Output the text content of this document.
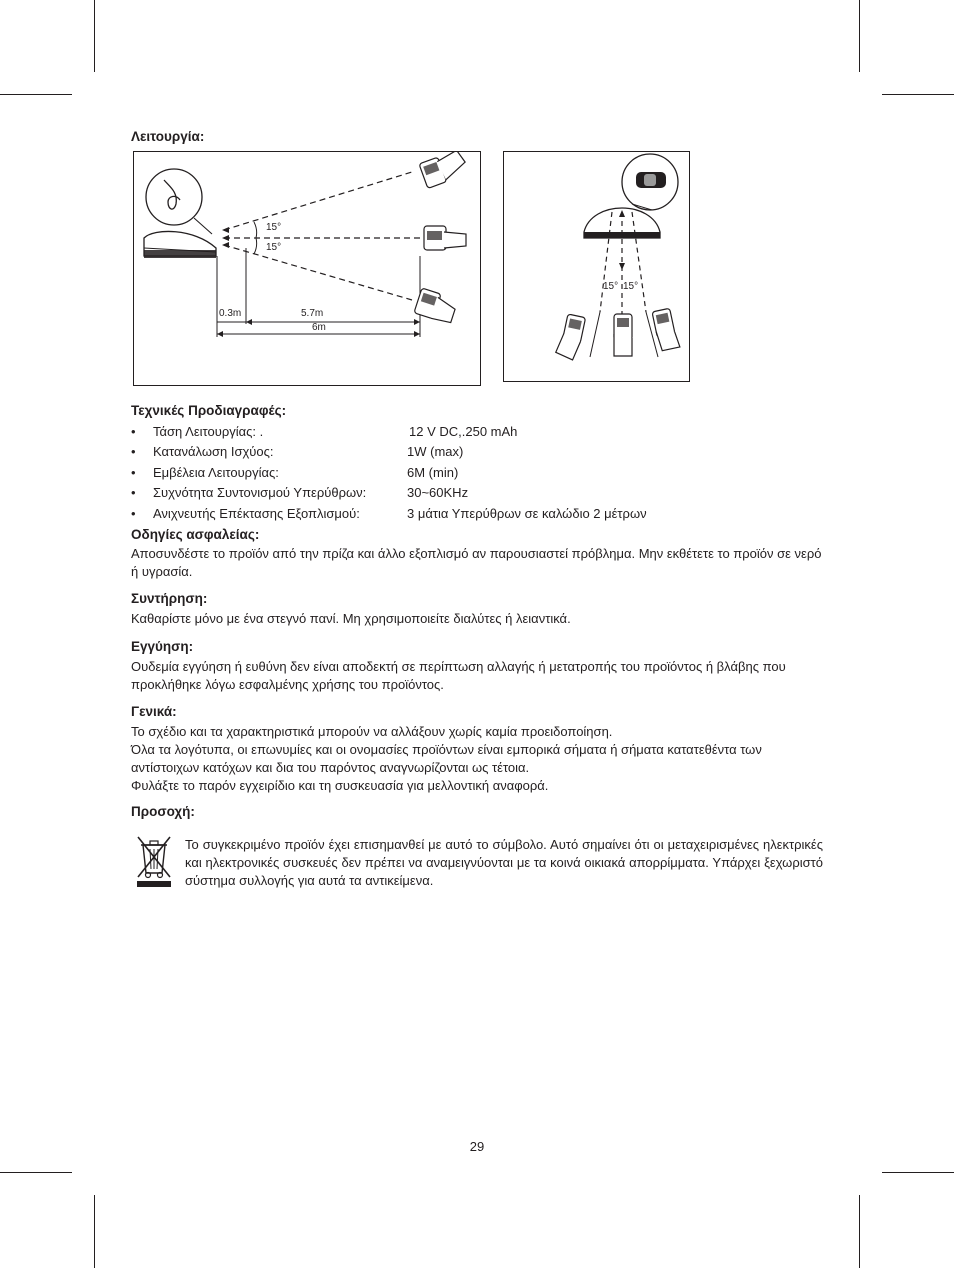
Λειτουργία:
15°
15°
0.3m	5.7m
6m
15° 15°
Τεχνικές Προδιαγραφές:
• Τάση Λειτουργίας: .	12 V DC,.250 mAh
• Κατανάλωση Ισχύος:	1W (max)
• Εμβέλεια Λειτουργίας:	6M (min)
• Συχνότητα Συντονισμού Υπερύθρων:	30~60KHz
• Ανιχνευτής Επέκτασης Εξοπλισμού:	3 μάτια Υπερύθρων σε καλώδιο 2 μέτρων
Οδηγίες ασφαλείας:
Αποσυνδέστε το προϊόν από την πρίζα και άλλο εξοπλισμό αν παρουσιαστεί πρόβλημα. Μην εκθέτετε το προϊόν σε νερό ή υγρασία.
Συντήρηση:
Καθαρίστε μόνο με ένα στεγνό πανί. Μη χρησιμοποιείτε διαλύτες ή λειαντικά.
Εγγύηση:
Ουδεμία εγγύηση ή ευθύνη δεν είναι αποδεκτή σε περίπτωση αλλαγής ή μετατροπής του προϊόντος ή βλάβης που προκλήθηκε λόγω εσφαλμένης χρήσης του προϊόντος.
Γενικά:
Το σχέδιο και τα χαρακτηριστικά μπορούν να αλλάξουν χωρίς καμία προειδοποίηση.
Όλα τα λογότυπα, οι επωνυμίες και οι ονομασίες προϊόντων είναι εμπορικά σήματα ή σήματα κατατεθέντα των αντίστοιχων κατόχων και δια του παρόντος αναγνωρίζονται ως τέτοια.
Φυλάξτε το παρόν εγχειρίδιο και τη συσκευασία για μελλοντική αναφορά.
Προσοχή:
Το συγκεκριμένο προϊόν έχει επισημανθεί με αυτό το σύμβολο. Αυτό σημαίνει ότι οι μεταχειρισμένες ηλεκτρικές και ηλεκτρονικές συσκευές δεν πρέπει να αναμειγνύονται με τα κοινά οικιακά απορρίμματα. Υπάρχει ξεχωριστό σύστημα συλλογής για αυτά τα αντικείμενα.
29
